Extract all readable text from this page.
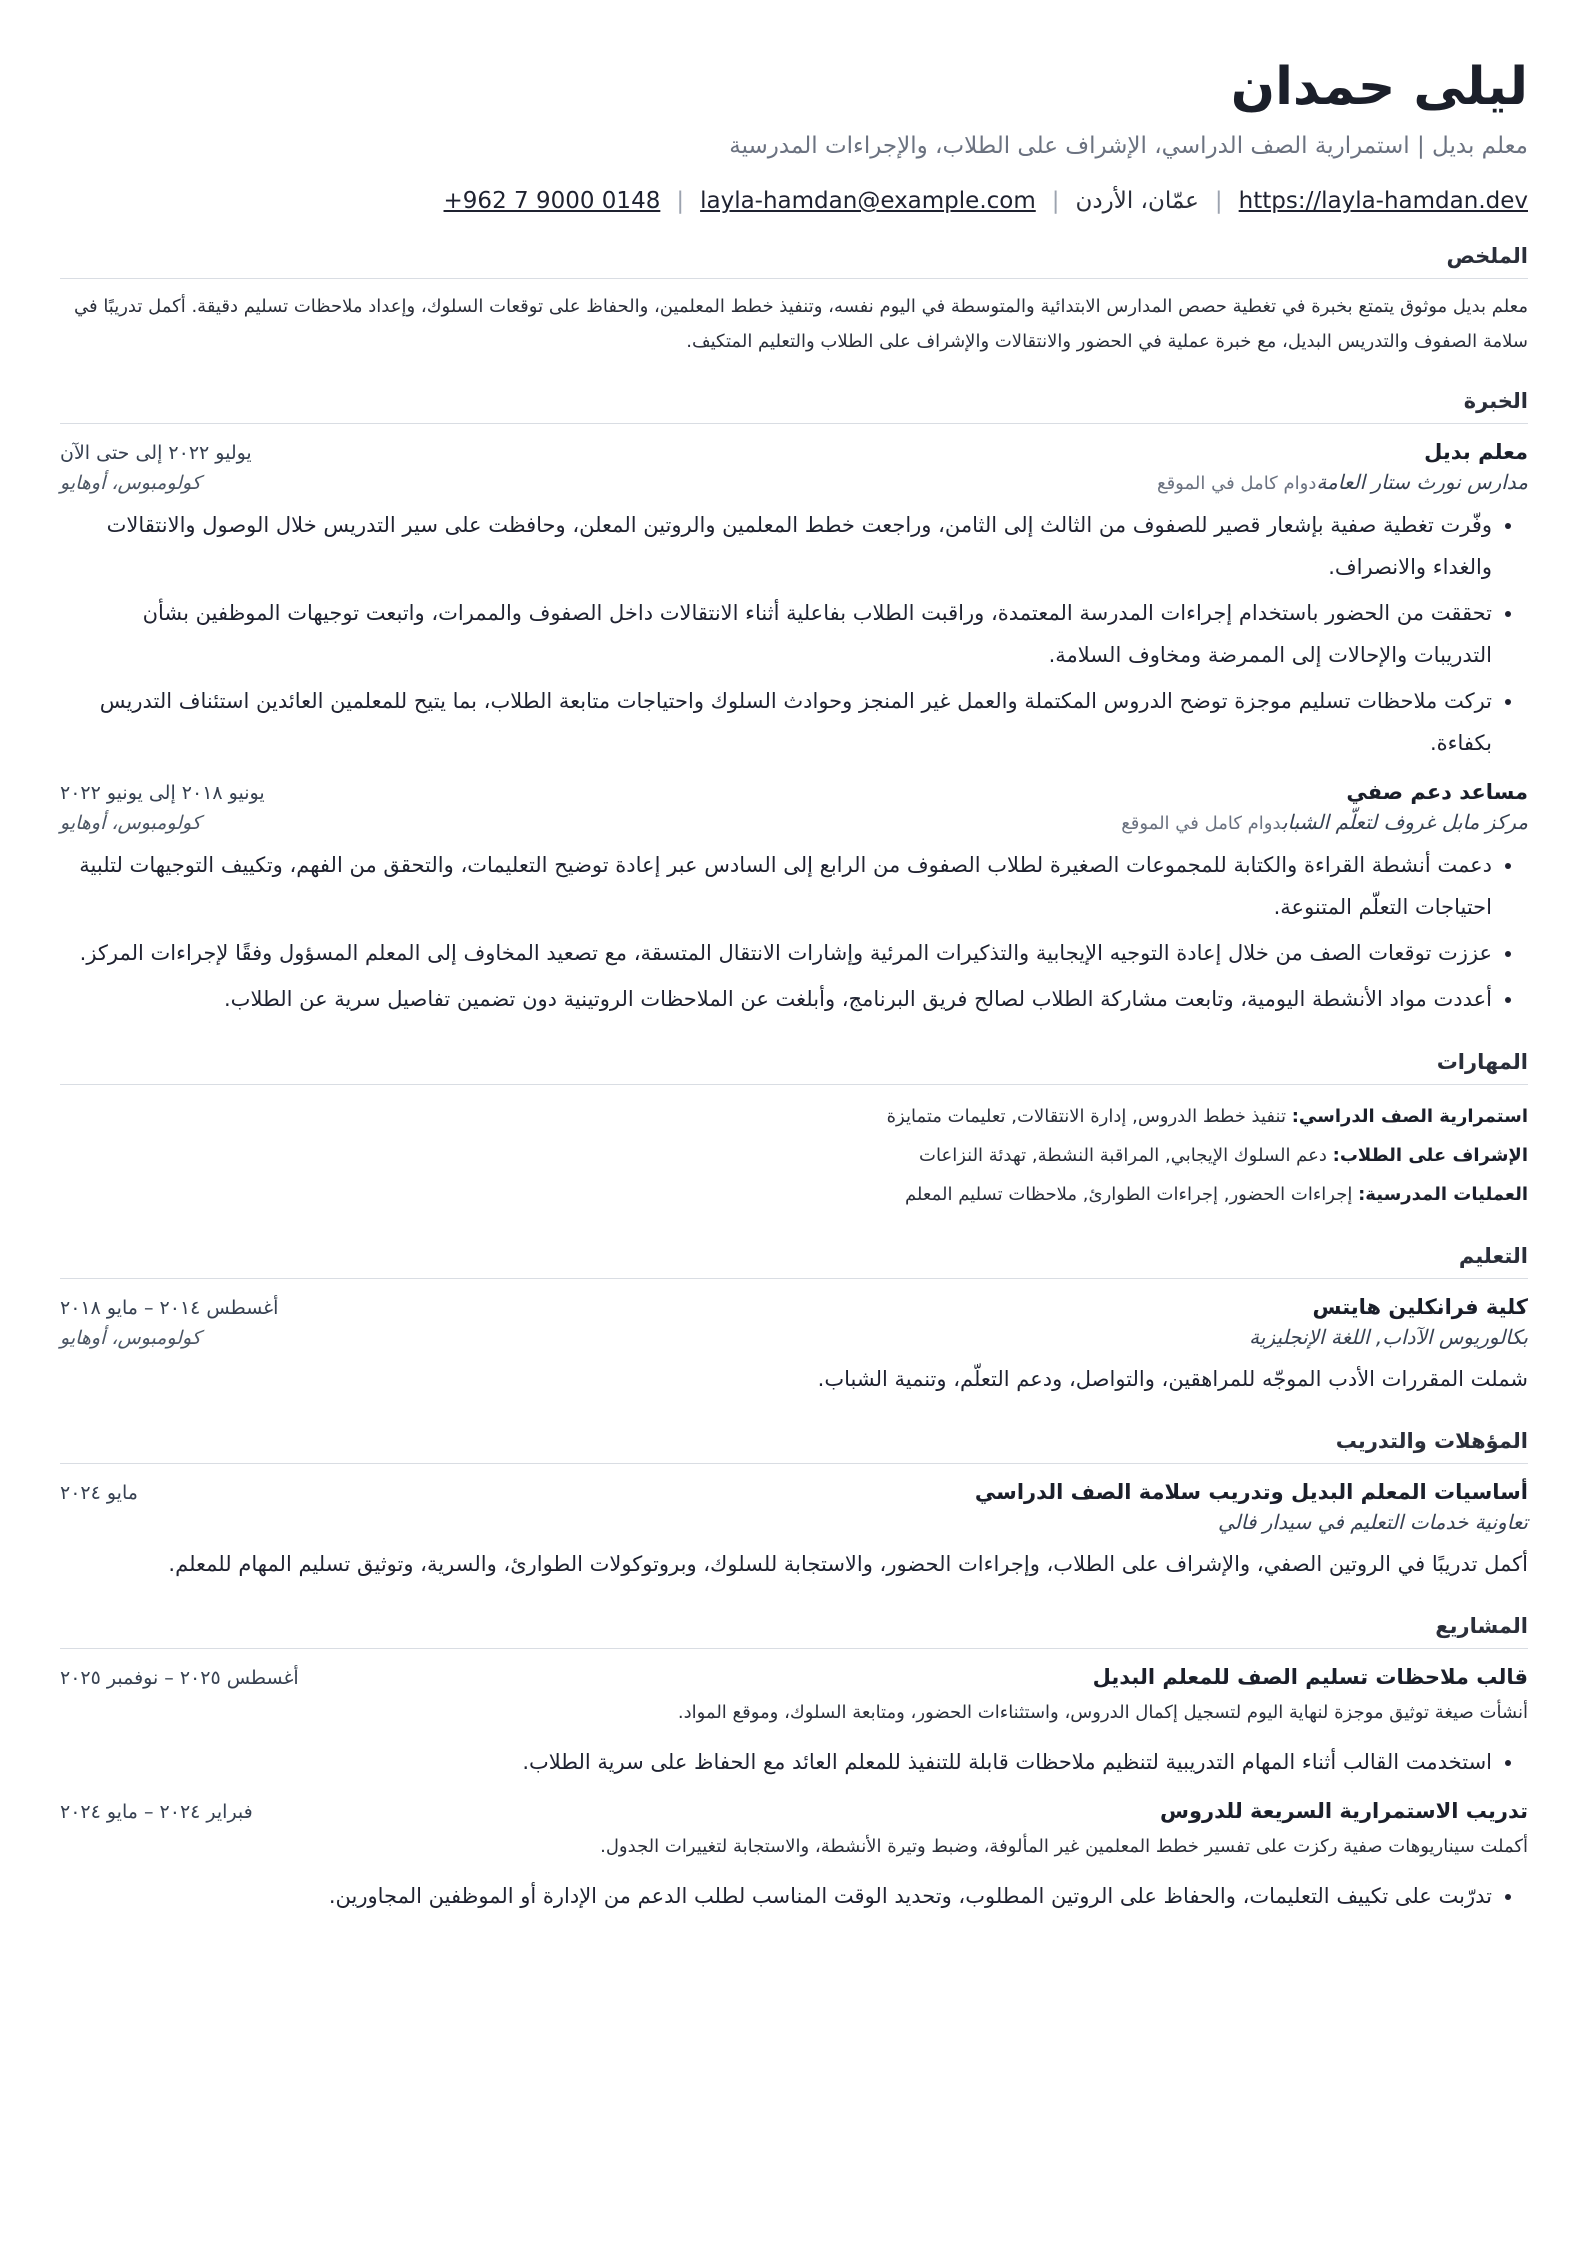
ليلى حمدان
معلم بديل | استمرارية الصف الدراسي، الإشراف على الطلاب، والإجراءات المدرسية
https://layla-hamdan.dev
|
عمّان، الأردن
|
layla-hamdan@example.com
|
+962 7 9000 0148
الملخص
معلم بديل موثوق يتمتع بخبرة في تغطية حصص المدارس الابتدائية والمتوسطة في اليوم نفسه، وتنفيذ خطط المعلمين، والحفاظ على توقعات السلوك، وإعداد ملاحظات تسليم دقيقة. أكمل تدريبًا في سلامة الصفوف والتدريس البديل، مع خبرة عملية في الحضور والانتقالات والإشراف على الطلاب والتعليم المتكيف.
الخبرة
معلم بديل
يوليو ٢٠٢٢ إلى حتى الآن
مدارس نورث ستار العامةدوام كامل في الموقع
كولومبوس، أوهايو
• وفّرت تغطية صفية بإشعار قصير للصفوف من الثالث إلى الثامن، وراجعت خطط المعلمين والروتين المعلن، وحافظت على سير التدريس خلال الوصول والانتقالات والغداء والانصراف.
• تحققت من الحضور باستخدام إجراءات المدرسة المعتمدة، وراقبت الطلاب بفاعلية أثناء الانتقالات داخل الصفوف والممرات، واتبعت توجيهات الموظفين بشأن التدريبات والإحالات إلى الممرضة ومخاوف السلامة.
• تركت ملاحظات تسليم موجزة توضح الدروس المكتملة والعمل غير المنجز وحوادث السلوك واحتياجات متابعة الطلاب، بما يتيح للمعلمين العائدين استئناف التدريس بكفاءة.
مساعد دعم صفي
يونيو ٢٠١٨ إلى يونيو ٢٠٢٢
مركز مابل غروف لتعلّم الشبابدوام كامل في الموقع
كولومبوس، أوهايو
• دعمت أنشطة القراءة والكتابة للمجموعات الصغيرة لطلاب الصفوف من الرابع إلى السادس عبر إعادة توضيح التعليمات، والتحقق من الفهم، وتكييف التوجيهات لتلبية احتياجات التعلّم المتنوعة.
• عززت توقعات الصف من خلال إعادة التوجيه الإيجابية والتذكيرات المرئية وإشارات الانتقال المتسقة، مع تصعيد المخاوف إلى المعلم المسؤول وفقًا لإجراءات المركز.
• أعددت مواد الأنشطة اليومية، وتابعت مشاركة الطلاب لصالح فريق البرنامج، وأبلغت عن الملاحظات الروتينية دون تضمين تفاصيل سرية عن الطلاب.
المهارات
استمرارية الصف الدراسي: تنفيذ خطط الدروس, إدارة الانتقالات, تعليمات متمايزة
الإشراف على الطلاب: دعم السلوك الإيجابي, المراقبة النشطة, تهدئة النزاعات
العمليات المدرسية: إجراءات الحضور, إجراءات الطوارئ, ملاحظات تسليم المعلم
التعليم
كلية فرانكلين هايتس
أغسطس ٢٠١٤ – مايو ٢٠١٨
بكالوريوس الآداب, اللغة الإنجليزية
كولومبوس، أوهايو
شملت المقررات الأدب الموجّه للمراهقين، والتواصل، ودعم التعلّم، وتنمية الشباب.
المؤهلات والتدريب
أساسيات المعلم البديل وتدريب سلامة الصف الدراسي
مايو ٢٠٢٤
تعاونية خدمات التعليم في سيدار فالي
أكمل تدريبًا في الروتين الصفي، والإشراف على الطلاب، وإجراءات الحضور، والاستجابة للسلوك، وبروتوكولات الطوارئ، والسرية، وتوثيق تسليم المهام للمعلم.
المشاريع
قالب ملاحظات تسليم الصف للمعلم البديل
أغسطس ٢٠٢٥ – نوفمبر ٢٠٢٥
أنشأت صيغة توثيق موجزة لنهاية اليوم لتسجيل إكمال الدروس، واستثناءات الحضور، ومتابعة السلوك، وموقع المواد.
• استخدمت القالب أثناء المهام التدريبية لتنظيم ملاحظات قابلة للتنفيذ للمعلم العائد مع الحفاظ على سرية الطلاب.
تدريب الاستمرارية السريعة للدروس
فبراير ٢٠٢٤ – مايو ٢٠٢٤
أكملت سيناريوهات صفية ركزت على تفسير خطط المعلمين غير المألوفة، وضبط وتيرة الأنشطة، والاستجابة لتغييرات الجدول.
• تدرّبت على تكييف التعليمات، والحفاظ على الروتين المطلوب، وتحديد الوقت المناسب لطلب الدعم من الإدارة أو الموظفين المجاورين.
